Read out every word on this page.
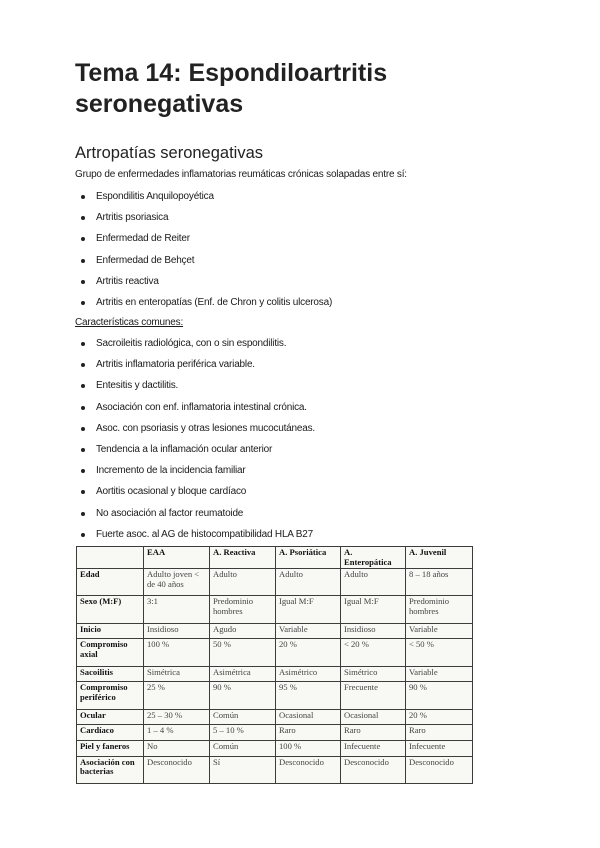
Tema 14: Espondiloartritis seronegativas
Artropatías seronegativas

Grupo de enfermedades inflamatorias reumáticas crónicas solapadas entre sí:

Espondilitis Anquilopoyética
Artritis psoriasica
Enfermedad de Reiter
Enfermedad de Behçet
Artritis reactiva
Artritis en enteropatías (Enf. de Chron y colitis ulcerosa)

Características comunes:

Sacroileitis radiológica, con o sin espondilitis.
Artritis inflamatoria periférica variable.
Entesitis y dactilitis.
Asociación con enf. inflamatoria intestinal crónica.
Asoc. con psoriasis y otras lesiones mucocutáneas.
Tendencia a la inflamación ocular anterior
Incremento de la incidencia familiar
Aortitis ocasional y bloque cardíaco
No asociación al factor reumatoide
Fuerte asoc. al AG de histocompatibilidad HLA B27
	EAA	A. Reactiva	A. Psoriática	A. Enteropática	A. Juvenil
Edad	Adulto joven < de 40 años	Adulto	Adulto	Adulto	8 – 18 años
Sexo (M:F)	3:1	Predominio hombres	Igual M:F	Igual M:F	Predominio hombres
Inicio	Insidioso	Agudo	Variable	Insidioso	Variable
Compromiso axial	100 %	50 %	20 %	< 20 %	< 50 %
Sacoilitis	Simétrica	Asimétrica	Asimétrico	Simétrico	Variable
Compromiso periférico	25 %	90 %	95 %	Frecuente	90 %
Ocular	25 – 30 %	Común	Ocasional	Ocasional	20 %
Cardíaco	1 – 4 %	5 – 10 %	Raro	Raro	Raro
Piel y faneros	No	Común	100 %	Infecuente	Infecuente
Asociación con bacterias	Desconocido	Sí	Desconocido	Desconocido	Desconocido
